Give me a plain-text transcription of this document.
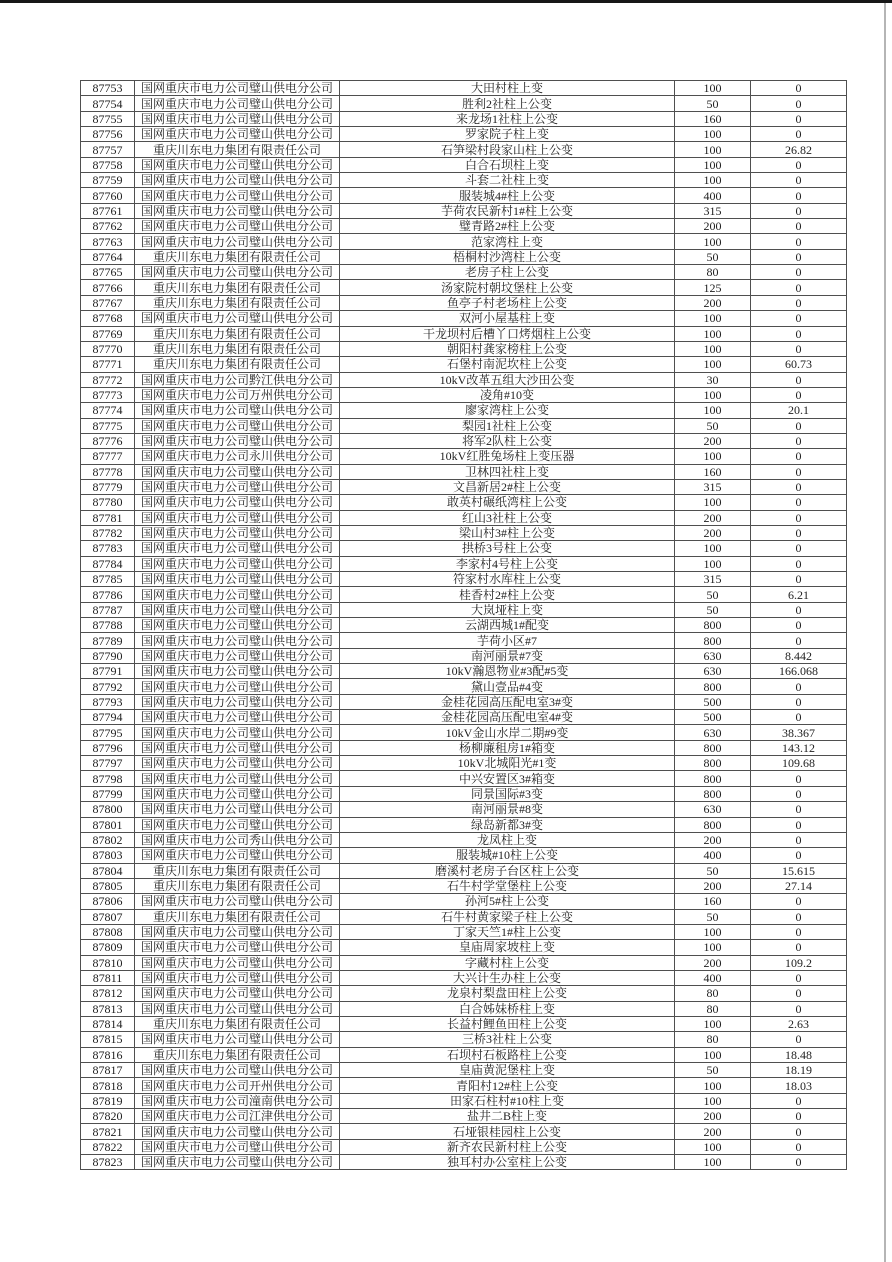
87753	国网重庆市电力公司璧山供电分公司	大田村柱上变	100	0
87754	国网重庆市电力公司璧山供电分公司	胜利2社柱上公变	50	0
87755	国网重庆市电力公司璧山供电分公司	来龙场1社柱上公变	160	0
87756	国网重庆市电力公司璧山供电分公司	罗家院子柱上变	100	0
87757	重庆川东电力集团有限责任公司	石笋梁村段家山柱上公变	100	26.82
87758	国网重庆市电力公司璧山供电分公司	白合石坝柱上变	100	0
87759	国网重庆市电力公司璧山供电分公司	斗套二社柱上变	100	0
87760	国网重庆市电力公司璧山供电分公司	服装城4#柱上公变	400	0
87761	国网重庆市电力公司璧山供电分公司	芋荷农民新村1#柱上公变	315	0
87762	国网重庆市电力公司璧山供电分公司	璧青路2#柱上公变	200	0
87763	国网重庆市电力公司璧山供电分公司	范家湾柱上变	100	0
87764	重庆川东电力集团有限责任公司	梧桐村沙湾柱上公变	50	0
87765	国网重庆市电力公司璧山供电分公司	老房子柱上公变	80	0
87766	重庆川东电力集团有限责任公司	汤家院村朝坟堡柱上公变	125	0
87767	重庆川东电力集团有限责任公司	鱼亭子村老场柱上公变	200	0
87768	国网重庆市电力公司璧山供电分公司	双河小屋基柱上变	100	0
87769	重庆川东电力集团有限责任公司	干龙坝村后槽丫口烤烟柱上公变	100	0
87770	重庆川东电力集团有限责任公司	朝阳村龚家榜柱上公变	100	0
87771	重庆川东电力集团有限责任公司	石堡村南泥坎柱上公变	100	60.73
87772	国网重庆市电力公司黔江供电分公司	10kV改革五组大沙田公变	30	0
87773	国网重庆市电力公司万州供电分公司	凌角#10变	100	0
87774	国网重庆市电力公司璧山供电分公司	廖家湾柱上公变	100	20.1
87775	国网重庆市电力公司璧山供电分公司	梨园1社柱上公变	50	0
87776	国网重庆市电力公司璧山供电分公司	将军2队柱上公变	200	0
87777	国网重庆市电力公司永川供电分公司	10kV红胜兔场柱上变压器	100	0
87778	国网重庆市电力公司璧山供电分公司	卫林四社柱上变	160	0
87779	国网重庆市电力公司璧山供电分公司	文昌新居2#柱上公变	315	0
87780	国网重庆市电力公司璧山供电分公司	敢英村碾纸湾柱上公变	100	0
87781	国网重庆市电力公司璧山供电分公司	红山3社柱上公变	200	0
87782	国网重庆市电力公司璧山供电分公司	梁山村3#柱上公变	200	0
87783	国网重庆市电力公司璧山供电分公司	拱桥3号柱上公变	100	0
87784	国网重庆市电力公司璧山供电分公司	李家村4号柱上公变	100	0
87785	国网重庆市电力公司璧山供电分公司	符家村水库柱上公变	315	0
87786	国网重庆市电力公司璧山供电分公司	桂香村2#柱上公变	50	6.21
87787	国网重庆市电力公司璧山供电分公司	大岚垭柱上变	50	0
87788	国网重庆市电力公司璧山供电分公司	云湖西城1#配变	800	0
87789	国网重庆市电力公司璧山供电分公司	芋荷小区#7	800	0
87790	国网重庆市电力公司璧山供电分公司	南河丽景#7变	630	8.442
87791	国网重庆市电力公司璧山供电分公司	10kV瀚恩物业#3配#5变	630	166.068
87792	国网重庆市电力公司璧山供电分公司	黛山壹品#4变	800	0
87793	国网重庆市电力公司璧山供电分公司	金桂花园高压配电室3#变	500	0
87794	国网重庆市电力公司璧山供电分公司	金桂花园高压配电室4#变	500	0
87795	国网重庆市电力公司璧山供电分公司	10kV金山水岸二期#9变	630	38.367
87796	国网重庆市电力公司璧山供电分公司	杨柳廉租房1#箱变	800	143.12
87797	国网重庆市电力公司璧山供电分公司	10kV北城阳光#1变	800	109.68
87798	国网重庆市电力公司璧山供电分公司	中兴安置区3#箱变	800	0
87799	国网重庆市电力公司璧山供电分公司	同景国际#3变	800	0
87800	国网重庆市电力公司璧山供电分公司	南河丽景#8变	630	0
87801	国网重庆市电力公司璧山供电分公司	绿岛新都3#变	800	0
87802	国网重庆市电力公司秀山供电分公司	龙凤柱上变	200	0
87803	国网重庆市电力公司璧山供电分公司	服装城#10柱上公变	400	0
87804	重庆川东电力集团有限责任公司	磨溪村老房子台区柱上公变	50	15.615
87805	重庆川东电力集团有限责任公司	石牛村学堂堡柱上公变	200	27.14
87806	国网重庆市电力公司璧山供电分公司	孙河5#柱上公变	160	0
87807	重庆川东电力集团有限责任公司	石牛村黄家梁子柱上公变	50	0
87808	国网重庆市电力公司璧山供电分公司	丁家天竺1#柱上公变	100	0
87809	国网重庆市电力公司璧山供电分公司	皇庙周家坡柱上变	100	0
87810	国网重庆市电力公司璧山供电分公司	字藏村柱上公变	200	109.2
87811	国网重庆市电力公司璧山供电分公司	大兴计生办柱上公变	400	0
87812	国网重庆市电力公司璧山供电分公司	龙泉村梨盘田柱上公变	80	0
87813	国网重庆市电力公司璧山供电分公司	白合姊妹桥柱上变	80	0
87814	重庆川东电力集团有限责任公司	长益村鲤鱼田柱上公变	100	2.63
87815	国网重庆市电力公司璧山供电分公司	三桥3社柱上公变	80	0
87816	重庆川东电力集团有限责任公司	石坝村石板路柱上公变	100	18.48
87817	国网重庆市电力公司璧山供电分公司	皇庙黄泥堡柱上变	50	18.19
87818	国网重庆市电力公司开州供电分公司	青阳村12#柱上公变	100	18.03
87819	国网重庆市电力公司潼南供电分公司	田家石柱村#10柱上变	100	0
87820	国网重庆市电力公司江津供电分公司	盐井二B柱上变	200	0
87821	国网重庆市电力公司璧山供电分公司	石垭银桂园柱上公变	200	0
87822	国网重庆市电力公司璧山供电分公司	新齐农民新村柱上公变	100	0
87823	国网重庆市电力公司璧山供电分公司	独耳村办公室柱上公变	100	0
